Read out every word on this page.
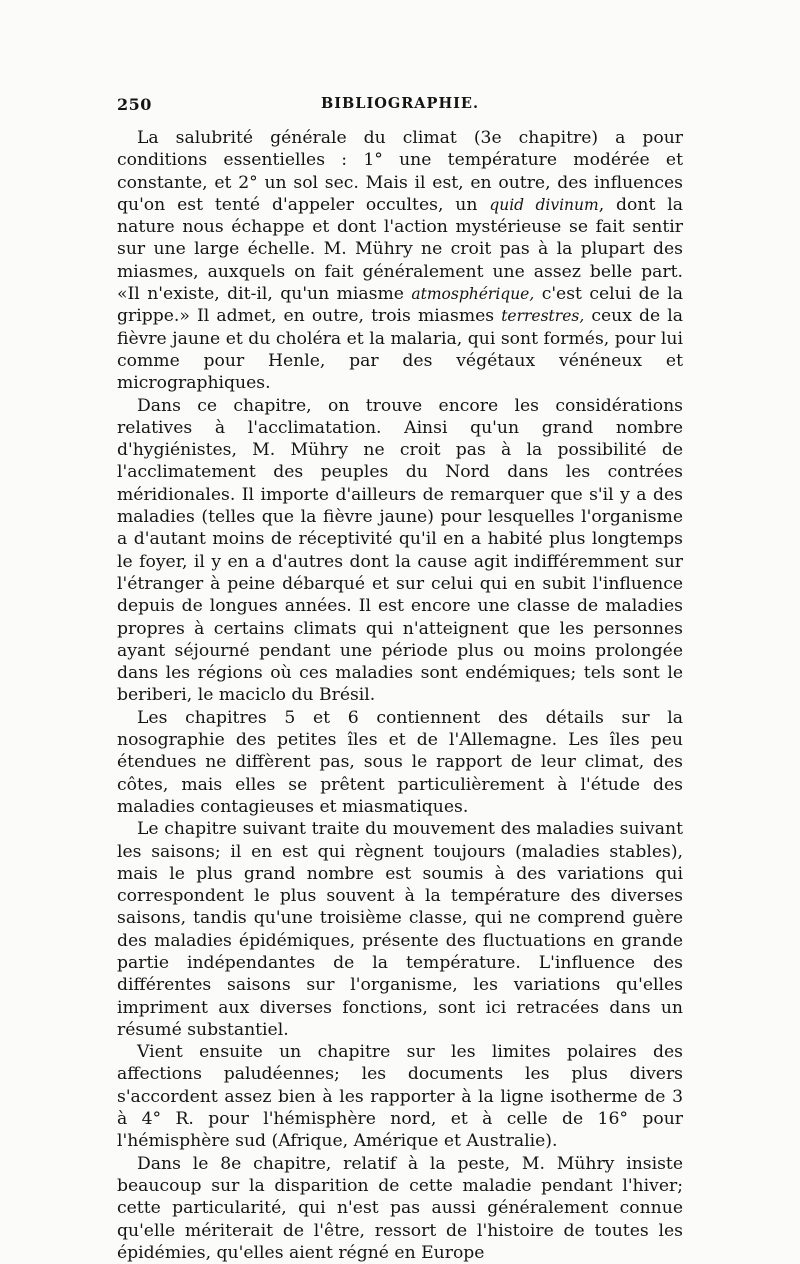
250	BIBLIOGRAPHIE.

La salubrité générale du climat (3e chapitre) a pour conditions essentielles : 1° une température modérée et constante, et 2° un sol sec. Mais il est, en outre, des influences qu'on est tenté d'appeler occultes, un quid divinum, dont la nature nous échappe et dont l'action mystérieuse se fait sentir sur une large échelle. M. Mühry ne croit pas à la plupart des miasmes, auxquels on fait généralement une assez belle part. «Il n'existe, dit-il, qu'un miasme atmosphérique, c'est celui de la grippe.» Il admet, en outre, trois miasmes terrestres, ceux de la fièvre jaune et du choléra et la malaria, qui sont formés, pour lui comme pour Henle, par des végétaux vénéneux et micrographiques.

Dans ce chapitre, on trouve encore les considérations relatives à l'acclimatation. Ainsi qu'un grand nombre d'hygiénistes, M. Mühry ne croit pas à la possibilité de l'acclimatement des peuples du Nord dans les contrées méridionales. Il importe d'ailleurs de remarquer que s'il y a des maladies (telles que la fièvre jaune) pour lesquelles l'organisme a d'autant moins de réceptivité qu'il en a habité plus longtemps le foyer, il y en a d'autres dont la cause agit indifféremment sur l'étranger à peine débarqué et sur celui qui en subit l'influence depuis de longues années. Il est encore une classe de maladies propres à certains climats qui n'atteignent que les personnes ayant séjourné pendant une période plus ou moins prolongée dans les régions où ces maladies sont endémiques; tels sont le beriberi, le maciclo du Brésil.

Les chapitres 5 et 6 contiennent des détails sur la nosographie des petites îles et de l'Allemagne. Les îles peu étendues ne diffèrent pas, sous le rapport de leur climat, des côtes, mais elles se prêtent particulièrement à l'étude des maladies contagieuses et miasmatiques.

Le chapitre suivant traite du mouvement des maladies suivant les saisons; il en est qui règnent toujours (maladies stables), mais le plus grand nombre est soumis à des variations qui correspondent le plus souvent à la température des diverses saisons, tandis qu'une troisième classe, qui ne comprend guère des maladies épidémiques, présente des fluctuations en grande partie indépendantes de la température. L'influence des différentes saisons sur l'organisme, les variations qu'elles impriment aux diverses fonctions, sont ici retracées dans un résumé substantiel.

Vient ensuite un chapitre sur les limites polaires des affections paludéennes; les documents les plus divers s'accordent assez bien à les rapporter à la ligne isotherme de 3 à 4° R. pour l'hémisphère nord, et à celle de 16° pour l'hémisphère sud (Afrique, Amérique et Australie).

Dans le 8e chapitre, relatif à la peste, M. Mühry insiste beaucoup sur la disparition de cette maladie pendant l'hiver; cette particularité, qui n'est pas aussi généralement connue qu'elle mériterait de l'être, ressort de l'histoire de toutes les épidémies, qu'elles aient régné en Europe
